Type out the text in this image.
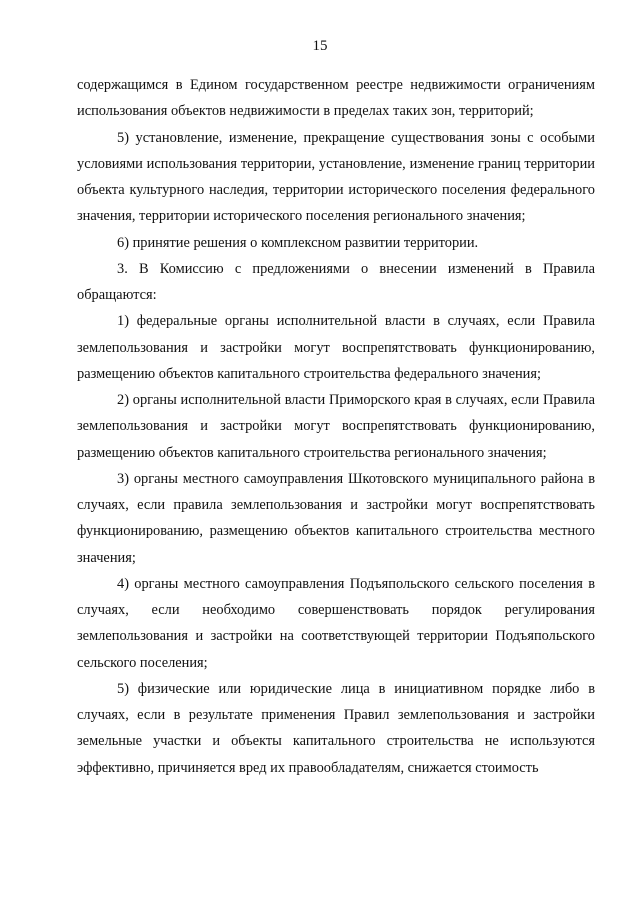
15

содержащимся в Едином государственном реестре недвижимости ограничениям использования объектов недвижимости в пределах таких зон, территорий;

5) установление, изменение, прекращение существования зоны с особыми условиями использования территории, установление, изменение границ территории объекта культурного наследия, территории исторического поселения федерального значения, территории исторического поселения регионального значения;

6) принятие решения о комплексном развитии территории.

3. В Комиссию с предложениями о внесении изменений в Правила обращаются:

1) федеральные органы исполнительной власти в случаях, если Правила землепользования и застройки могут воспрепятствовать функционированию, размещению объектов капитального строительства федерального значения;

2) органы исполнительной власти Приморского края в случаях, если Правила землепользования и застройки могут воспрепятствовать функционированию, размещению объектов капитального строительства регионального значения;

3) органы местного самоуправления Шкотовского муниципального района в случаях, если правила землепользования и застройки могут воспрепятствовать функционированию, размещению объектов капитального строительства местного значения;

4) органы местного самоуправления Подъяпольского сельского поселения в случаях, если необходимо совершенствовать порядок регулирования землепользования и застройки на соответствующей территории Подъяпольского сельского поселения;

5) физические или юридические лица в инициативном порядке либо в случаях, если в результате применения Правил землепользования и застройки земельные участки и объекты капитального строительства не используются эффективно, причиняется вред их правообладателям, снижается стоимость
